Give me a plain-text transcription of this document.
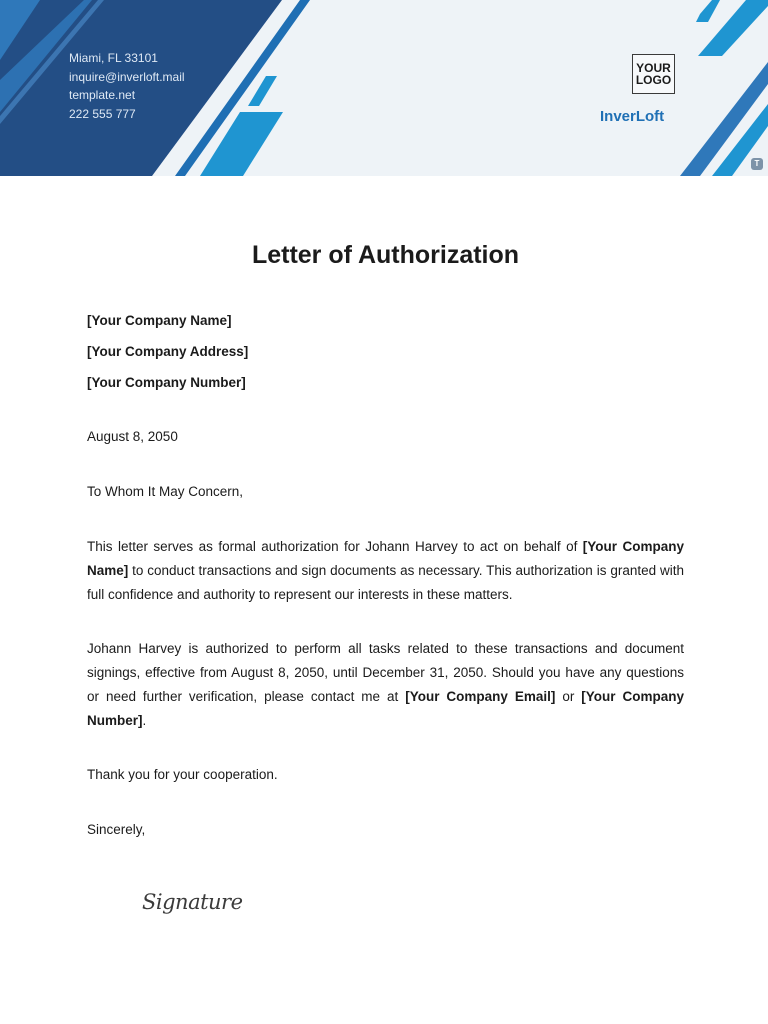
Miami, FL 33101
inquire@inverloft.mail
template.net
222 555 777
YOUR
LOGO
InverLoft
T
Letter of Authorization
[Your Company Name]
[Your Company Address]
[Your Company Number]

August 8, 2050

To Whom It May Concern,

This letter serves as formal authorization for Johann Harvey to act on behalf of [Your Company Name] to conduct transactions and sign documents as necessary. This authorization is granted with full confidence and authority to represent our interests in these matters.

Johann Harvey is authorized to perform all tasks related to these transactions and document signings, effective from August 8, 2050, until December 31, 2050. Should you have any questions or need further verification, please contact me at [Your Company Email] or [Your Company Number].

Thank you for your cooperation.

Sincerely,

Signature
